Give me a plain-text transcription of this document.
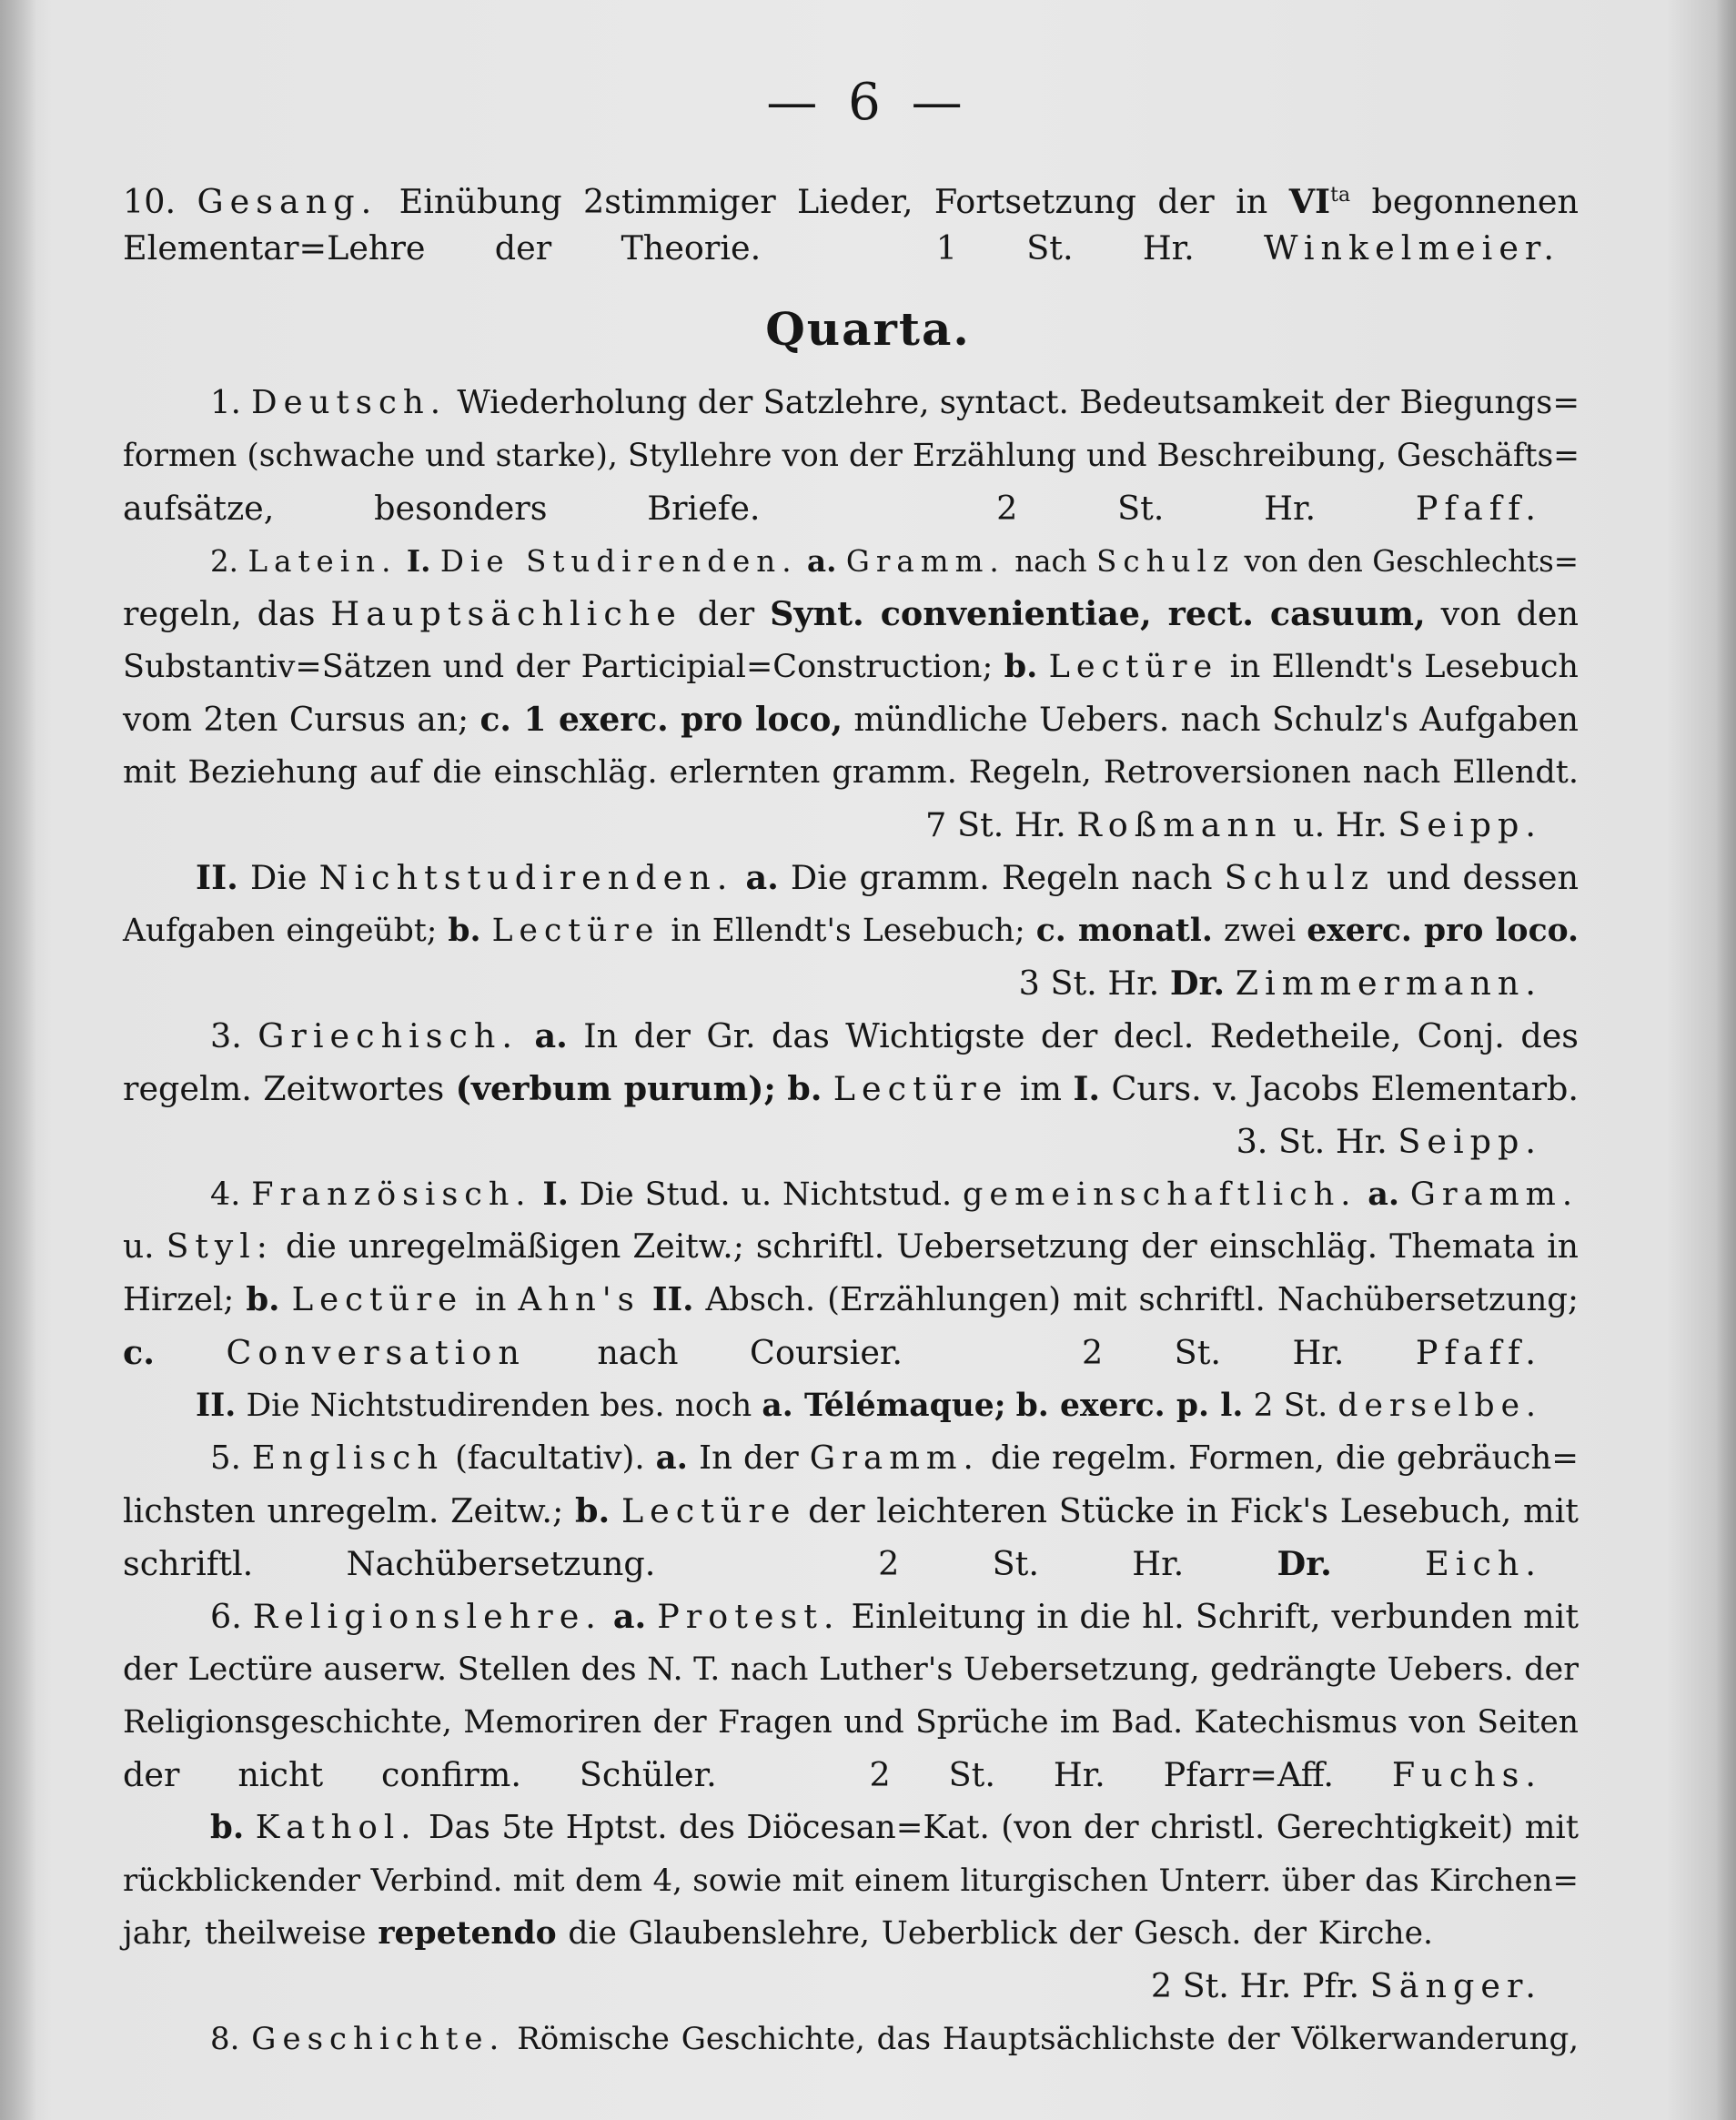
— 6 —
10. Gesang. Einübung 2stimmiger Lieder, Fortsetzung der in $VI^{ta}$ begonnenen
Elementar=Lehre der Theorie.	1 St. Hr. Winkelmeier.
Quarta.
1. Deutsch. Wiederholung der Satzlehre, syntact. Bedeutsamkeit der Biegungs=
formen (schwache und starke), Styllehre von der Erzählung und Beschreibung, Geschäfts=
aufsätze, besonders Briefe.	2 St. Hr.	Pfaff.
2. Latein. I. Die Studirenden. a. Gramm. nach Schulz von den Geschlechts=
regeln, das Hauptsächliche der Synt. convenientiae, rect. casuum, von den
Substantiv=Sätzen und der Participial=Construction; b. Lectüre in Ellendt's Lesebuch
vom 2ten Cursus an; c. 1 exerc. pro loco, mündliche Uebers. nach Schulz's Aufgaben
mit Beziehung auf die einschläg. erlernten gramm. Regeln, Retroversionen nach Ellendt.
7 St. Hr. Roßmann u. Hr. Seipp.
II. Die Nichtstudirenden. a. Die gramm. Regeln nach Schulz und dessen
Aufgaben eingeübt; b. Lectüre in Ellendt's Lesebuch; c. monatl. zwei exerc. pro loco.
3 St. Hr. Dr. Zimmermann.
3. Griechisch. a. In der Gr. das Wichtigste der decl. Redetheile, Conj. des
regelm. Zeitwortes (verbum purum); b. Lectüre im I. Curs. v. Jacobs Elementarb.
3. St. Hr. Seipp.
4. Französisch. I. Die Stud. u. Nichtstud. gemeinschaftlich. a. Gramm.
u. Styl: die unregelmäßigen Zeitw.; schriftl. Uebersetzung der einschläg. Themata in
Hirzel; b. Lectüre in Ahn's II. Absch. (Erzählungen) mit schriftl. Nachübersetzung;
c. Conversation nach Coursier.	2 St. Hr. Pfaff.
II. Die Nichtstudirenden bes. noch a. Télémaque; b. exerc. p. l. 2 St. derselbe.
5. Englisch (facultativ). a. In der Gramm. die regelm. Formen, die gebräuch=
lichsten unregelm. Zeitw.; b. Lectüre der leichteren Stücke in Fick's Lesebuch, mit
schriftl. Nachübersetzung.	2 St. Hr.	Dr.	Eich.
6. Religionslehre. a. Protest. Einleitung in die hl. Schrift, verbunden mit
der Lectüre auserw. Stellen des N. T. nach Luther's Uebersetzung, gedrängte Uebers. der
Religionsgeschichte, Memoriren der Fragen und Sprüche im Bad. Katechismus von Seiten
der nicht confirm. Schüler.	2 St. Hr. Pfarr=Aff. Fuchs.
b. Kathol. Das 5te Hptst. des Diöcesan=Kat. (von der christl. Gerechtigkeit) mit
rückblickender Verbind. mit dem 4, sowie mit einem liturgischen Unterr. über das Kirchen=
jahr, theilweise repetendo die Glaubenslehre, Ueberblick der Gesch. der Kirche.
2 St. Hr. Pfr. Sänger.
8. Geschichte. Römische Geschichte, das Hauptsächlichste der Völkerwanderung,
